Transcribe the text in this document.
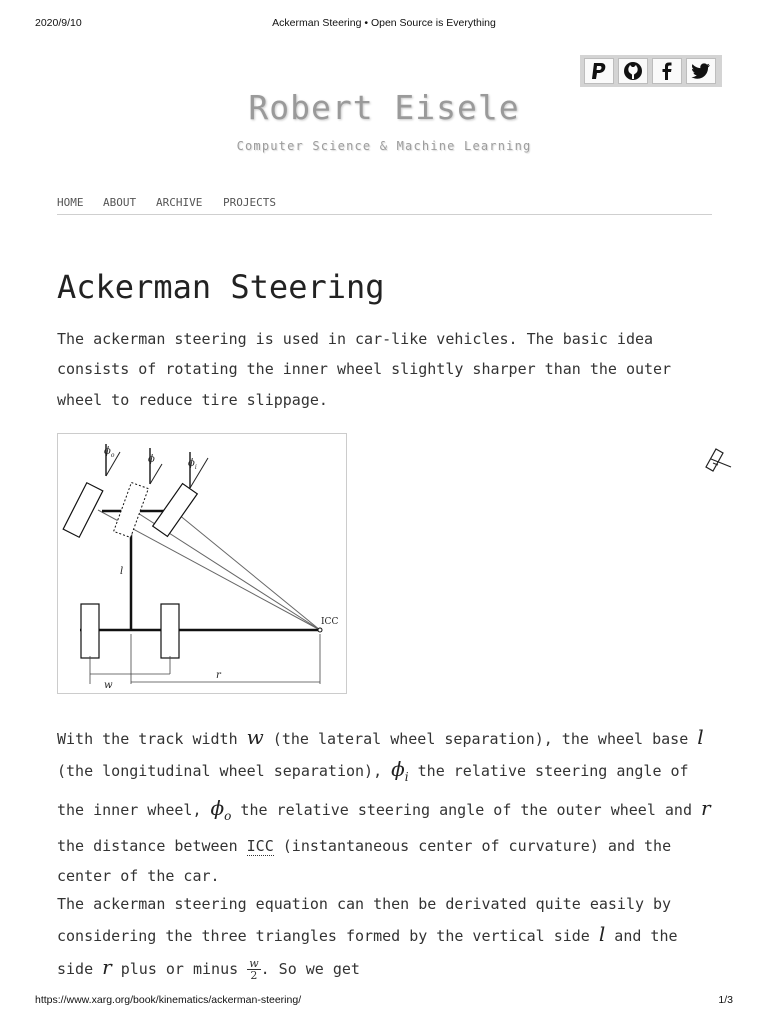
2020/9/10	Ackerman Steering • Open Source is Everything
Robert Eisele
Computer Science & Machine Learning
HOME ABOUT ARCHIVE PROJECTS
Ackerman Steering

The ackerman steering is used in car-like vehicles. The basic idea consists of rotating the inner wheel slightly sharper than the outer wheel to reduce tire slippage.

$\phi_o$	ϕ	$\phi_i$
l
ICC
w
r

With the track width w (the lateral wheel separation), the wheel base l (the longitudinal wheel separation), $\phi_i$ the relative steering angle of the inner wheel, $\phi_o$ the relative steering angle of the outer wheel and r the distance between ICC (instantaneous center of curvature) and the center of the car.

The ackerman steering equation can then be derivated quite easily by considering the three triangles formed by the vertical side l and the side r plus or minus $\frac{w}{2}$ . So we get

https://www.xarg.org/book/kinematics/ackerman-steering/	1/3
